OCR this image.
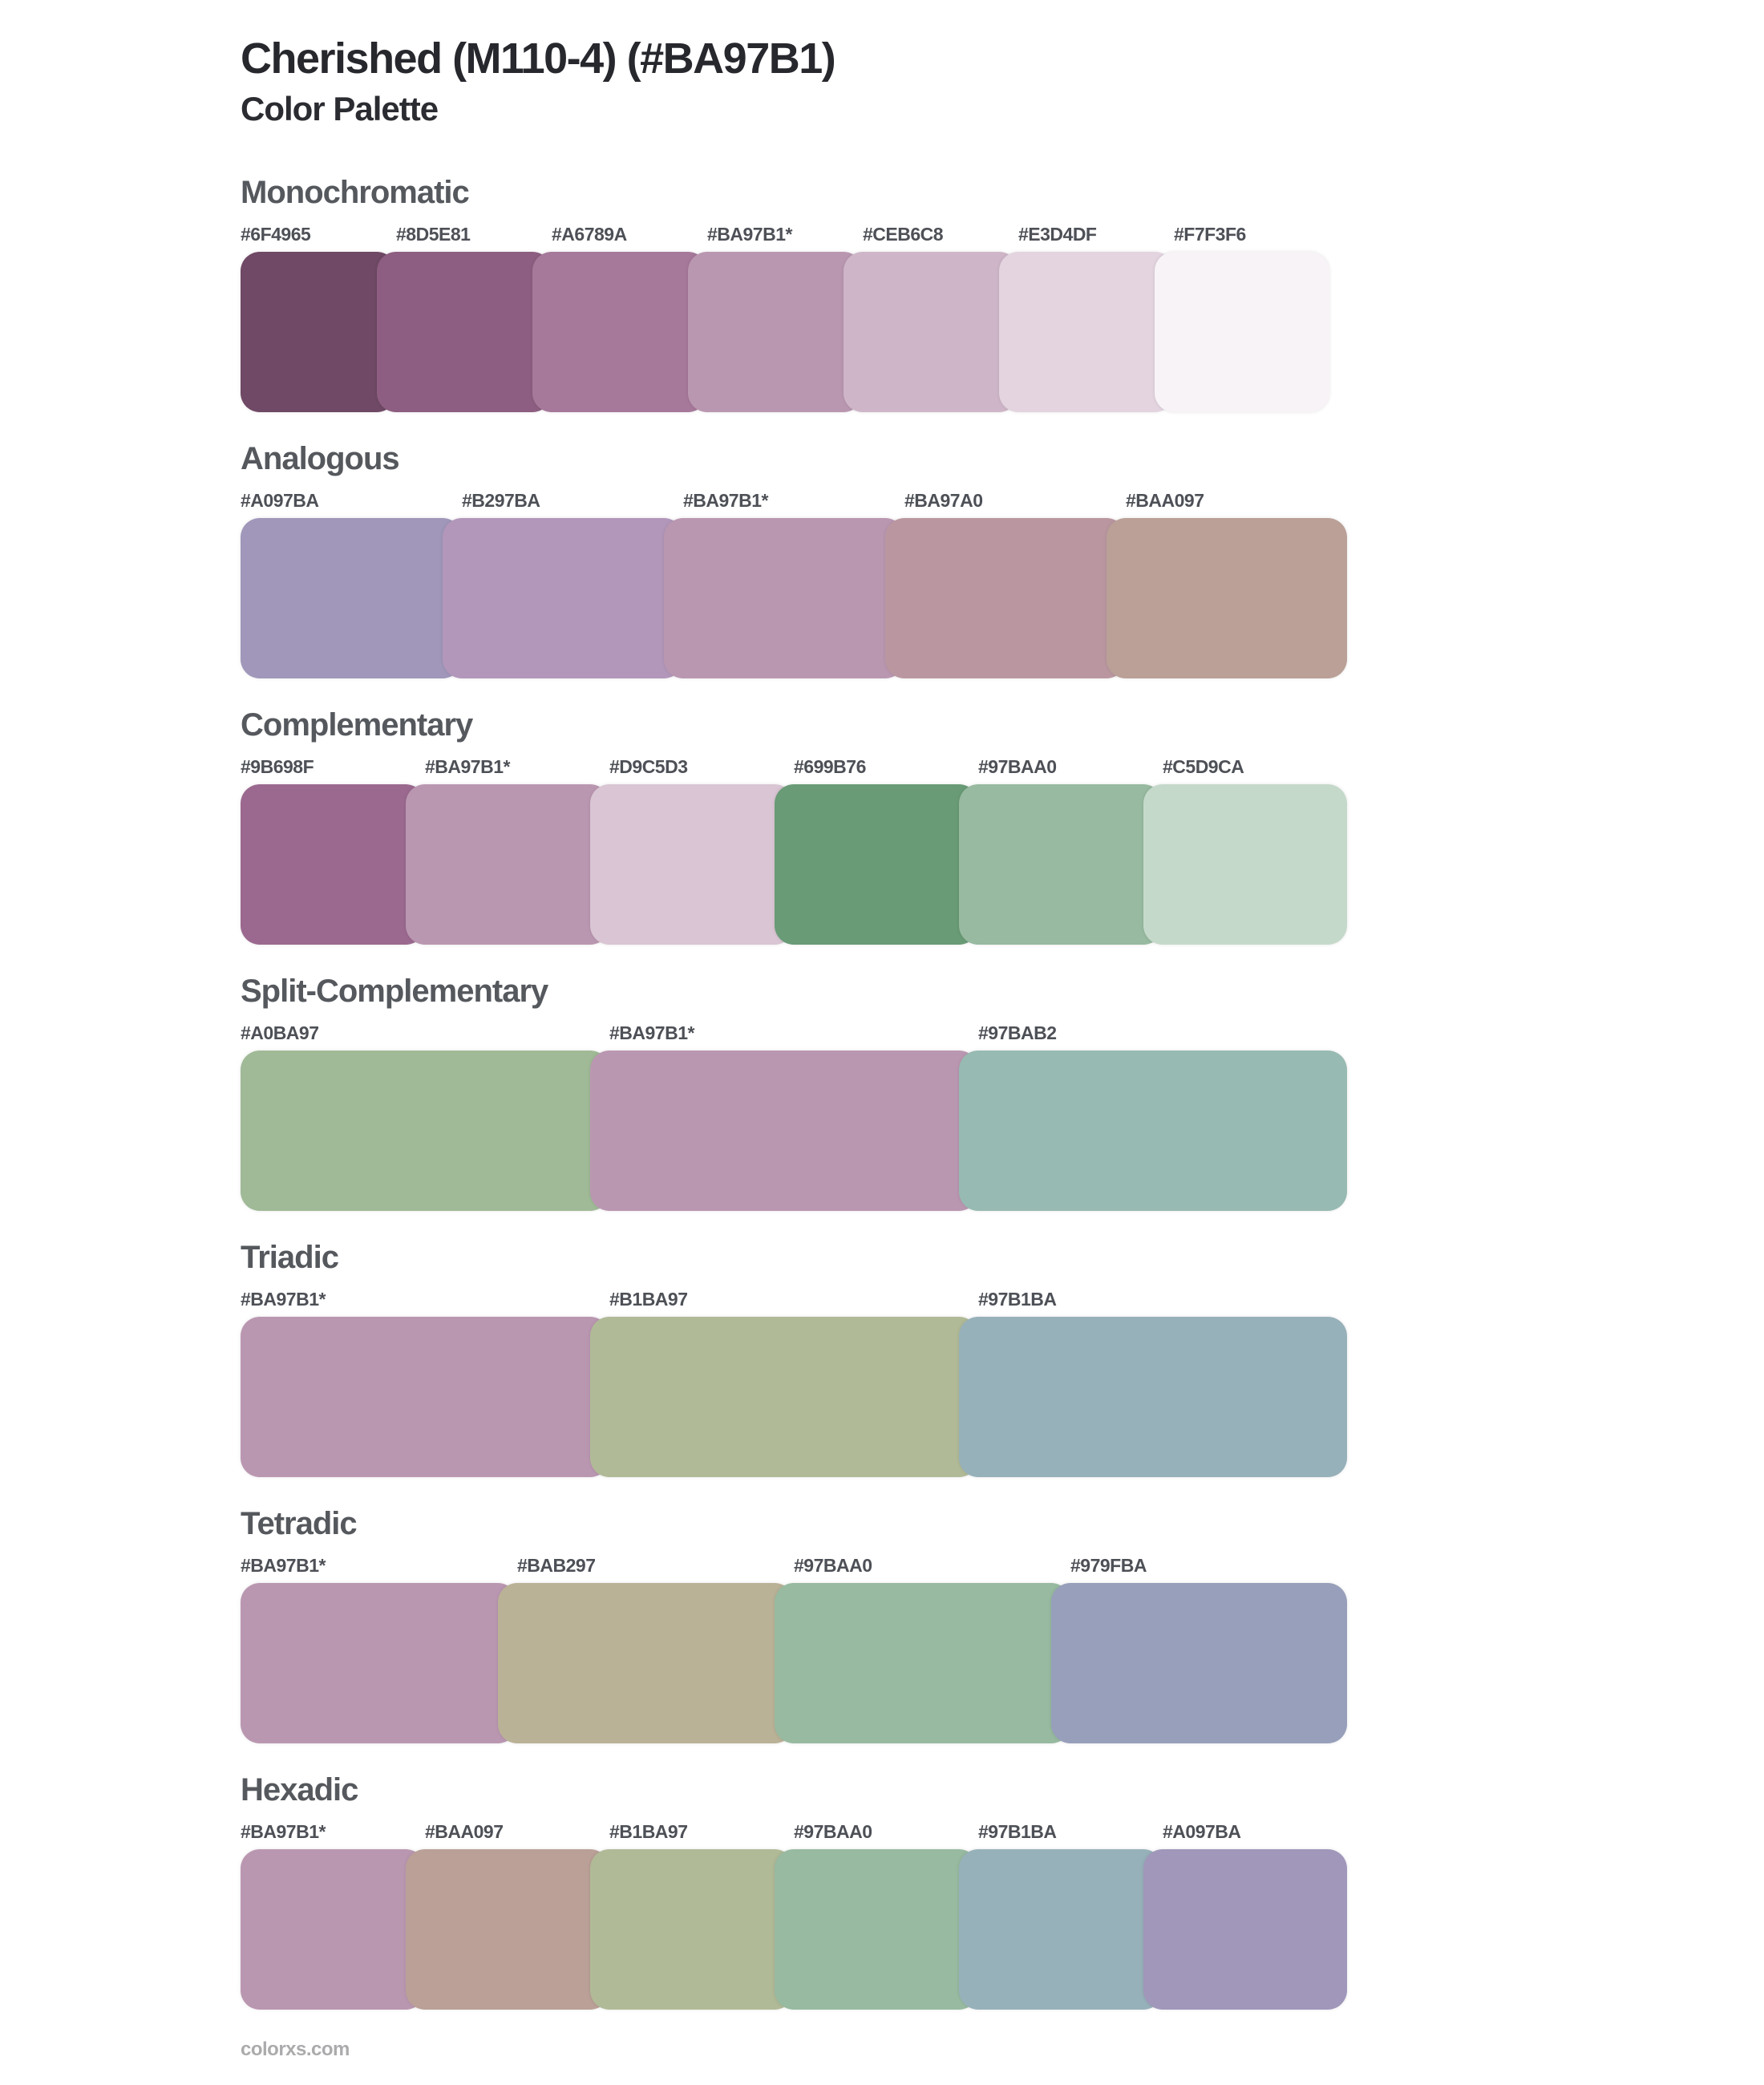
Cherished (M110-4) (#BA97B1)
Color Palette
Monochromatic
#6F4965	#8D5E81	#A6789A	#BA97B1*	#CEB6C8	#E3D4DF	#F7F3F6
Analogous
#A097BA	#B297BA	#BA97B1*	#BA97A0	#BAA097
Complementary
#9B698F	#BA97B1*	#D9C5D3	#699B76	#97BAA0	#C5D9CA
Split-Complementary
#A0BA97	#BA97B1*	#97BAB2
Triadic
#BA97B1*	#B1BA97	#97B1BA
Tetradic
#BA97B1*	#BAB297	#97BAA0	#979FBA
Hexadic
#BA97B1*	#BAA097	#B1BA97	#97BAA0	#97B1BA	#A097BA
colorxs.com
